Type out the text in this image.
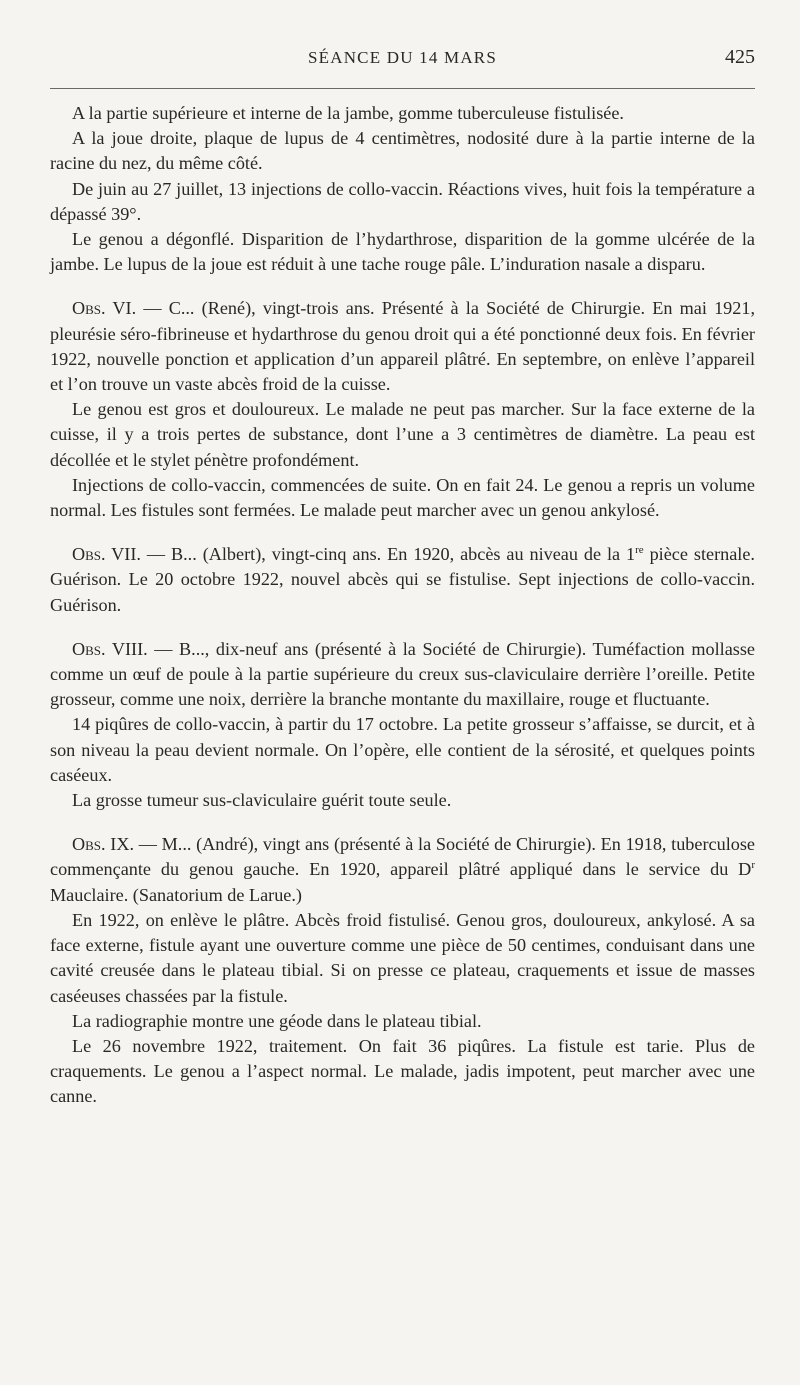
SÉANCE DU 14 MARS	425

A la partie supérieure et interne de la jambe, gomme tuberculeuse fistulisée.

A la joue droite, plaque de lupus de 4 centimètres, nodosité dure à la partie interne de la racine du nez, du même côté.

De juin au 27 juillet, 13 injections de collo-vaccin. Réactions vives, huit fois la température a dépassé 39°.

Le genou a dégonflé. Disparition de l’hydarthrose, disparition de la gomme ulcérée de la jambe. Le lupus de la joue est réduit à une tache rouge pâle. L’induration nasale a disparu.

Obs. VI. — C... (René), vingt-trois ans. Présenté à la Société de Chirurgie. En mai 1921, pleurésie séro-fibrineuse et hydarthrose du genou droit qui a été ponctionné deux fois. En février 1922, nouvelle ponction et application d’un appareil plâtré. En septembre, on enlève l’appareil et l’on trouve un vaste abcès froid de la cuisse.

Le genou est gros et douloureux. Le malade ne peut pas marcher. Sur la face externe de la cuisse, il y a trois pertes de substance, dont l’une a 3 centimètres de diamètre. La peau est décollée et le stylet pénètre profondément.

Injections de collo-vaccin, commencées de suite. On en fait 24. Le genou a repris un volume normal. Les fistules sont fermées. Le malade peut marcher avec un genou ankylosé.

Obs. VII. — B... (Albert), vingt-cinq ans. En 1920, abcès au niveau de la 1re pièce sternale. Guérison. Le 20 octobre 1922, nouvel abcès qui se fistulise. Sept injections de collo-vaccin. Guérison.

Obs. VIII. — B..., dix-neuf ans (présenté à la Société de Chirurgie). Tuméfaction mollasse comme un œuf de poule à la partie supérieure du creux sus-claviculaire derrière l’oreille. Petite grosseur, comme une noix, derrière la branche montante du maxillaire, rouge et fluctuante.

14 piqûres de collo-vaccin, à partir du 17 octobre. La petite grosseur s’affaisse, se durcit, et à son niveau la peau devient normale. On l’opère, elle contient de la sérosité, et quelques points caséeux.

La grosse tumeur sus-claviculaire guérit toute seule.

Obs. IX. — M... (André), vingt ans (présenté à la Société de Chirurgie). En 1918, tuberculose commençante du genou gauche. En 1920, appareil plâtré appliqué dans le service du $D^r$ Mauclaire. (Sanatorium de Larue.)

En 1922, on enlève le plâtre. Abcès froid fistulisé. Genou gros, douloureux, ankylosé. A sa face externe, fistule ayant une ouverture comme une pièce de 50 centimes, conduisant dans une cavité creusée dans le plateau tibial. Si on presse ce plateau, craquements et issue de masses caséeuses chassées par la fistule.

La radiographie montre une géode dans le plateau tibial.

Le 26 novembre 1922, traitement. On fait 36 piqûres. La fistule est tarie. Plus de craquements. Le genou a l’aspect normal. Le malade, jadis impotent, peut marcher avec une canne.
